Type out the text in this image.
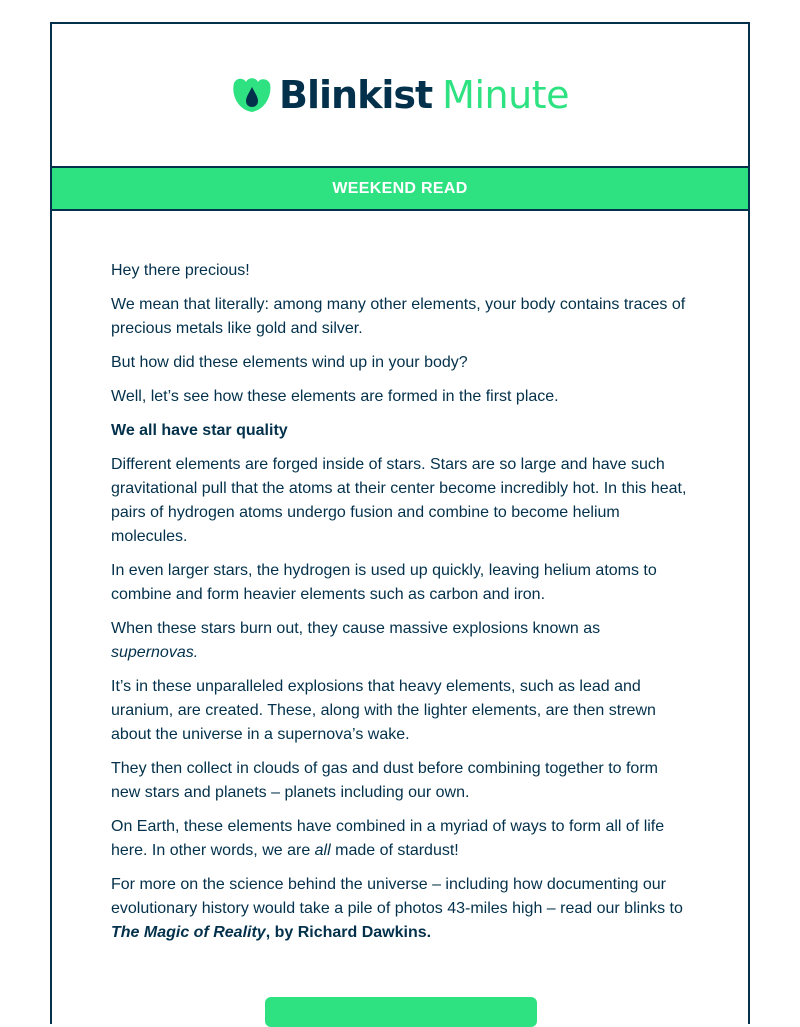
Blinkist Minute
WEEKEND READ

Hey there precious!

We mean that literally: among many other elements, your body contains traces of precious metals like gold and silver.

But how did these elements wind up in your body?

Well, let’s see how these elements are formed in the first place.

We all have star quality

Different elements are forged inside of stars. Stars are so large and have such gravitational pull that the atoms at their center become incredibly hot. In this heat, pairs of hydrogen atoms undergo fusion and combine to become helium molecules.

In even larger stars, the hydrogen is used up quickly, leaving helium atoms to combine and form heavier elements such as carbon and iron.

When these stars burn out, they cause massive explosions known as supernovas.

It’s in these unparalleled explosions that heavy elements, such as lead and uranium, are created. These, along with the lighter elements, are then strewn about the universe in a supernova’s wake.

They then collect in clouds of gas and dust before combining together to form new stars and planets – planets including our own.

On Earth, these elements have combined in a myriad of ways to form all of life here. In other words, we are all made of stardust!

For more on the science behind the universe – including how documenting our evolutionary history would take a pile of photos 43-miles high – read our blinks to The Magic of Reality, by Richard Dawkins.
